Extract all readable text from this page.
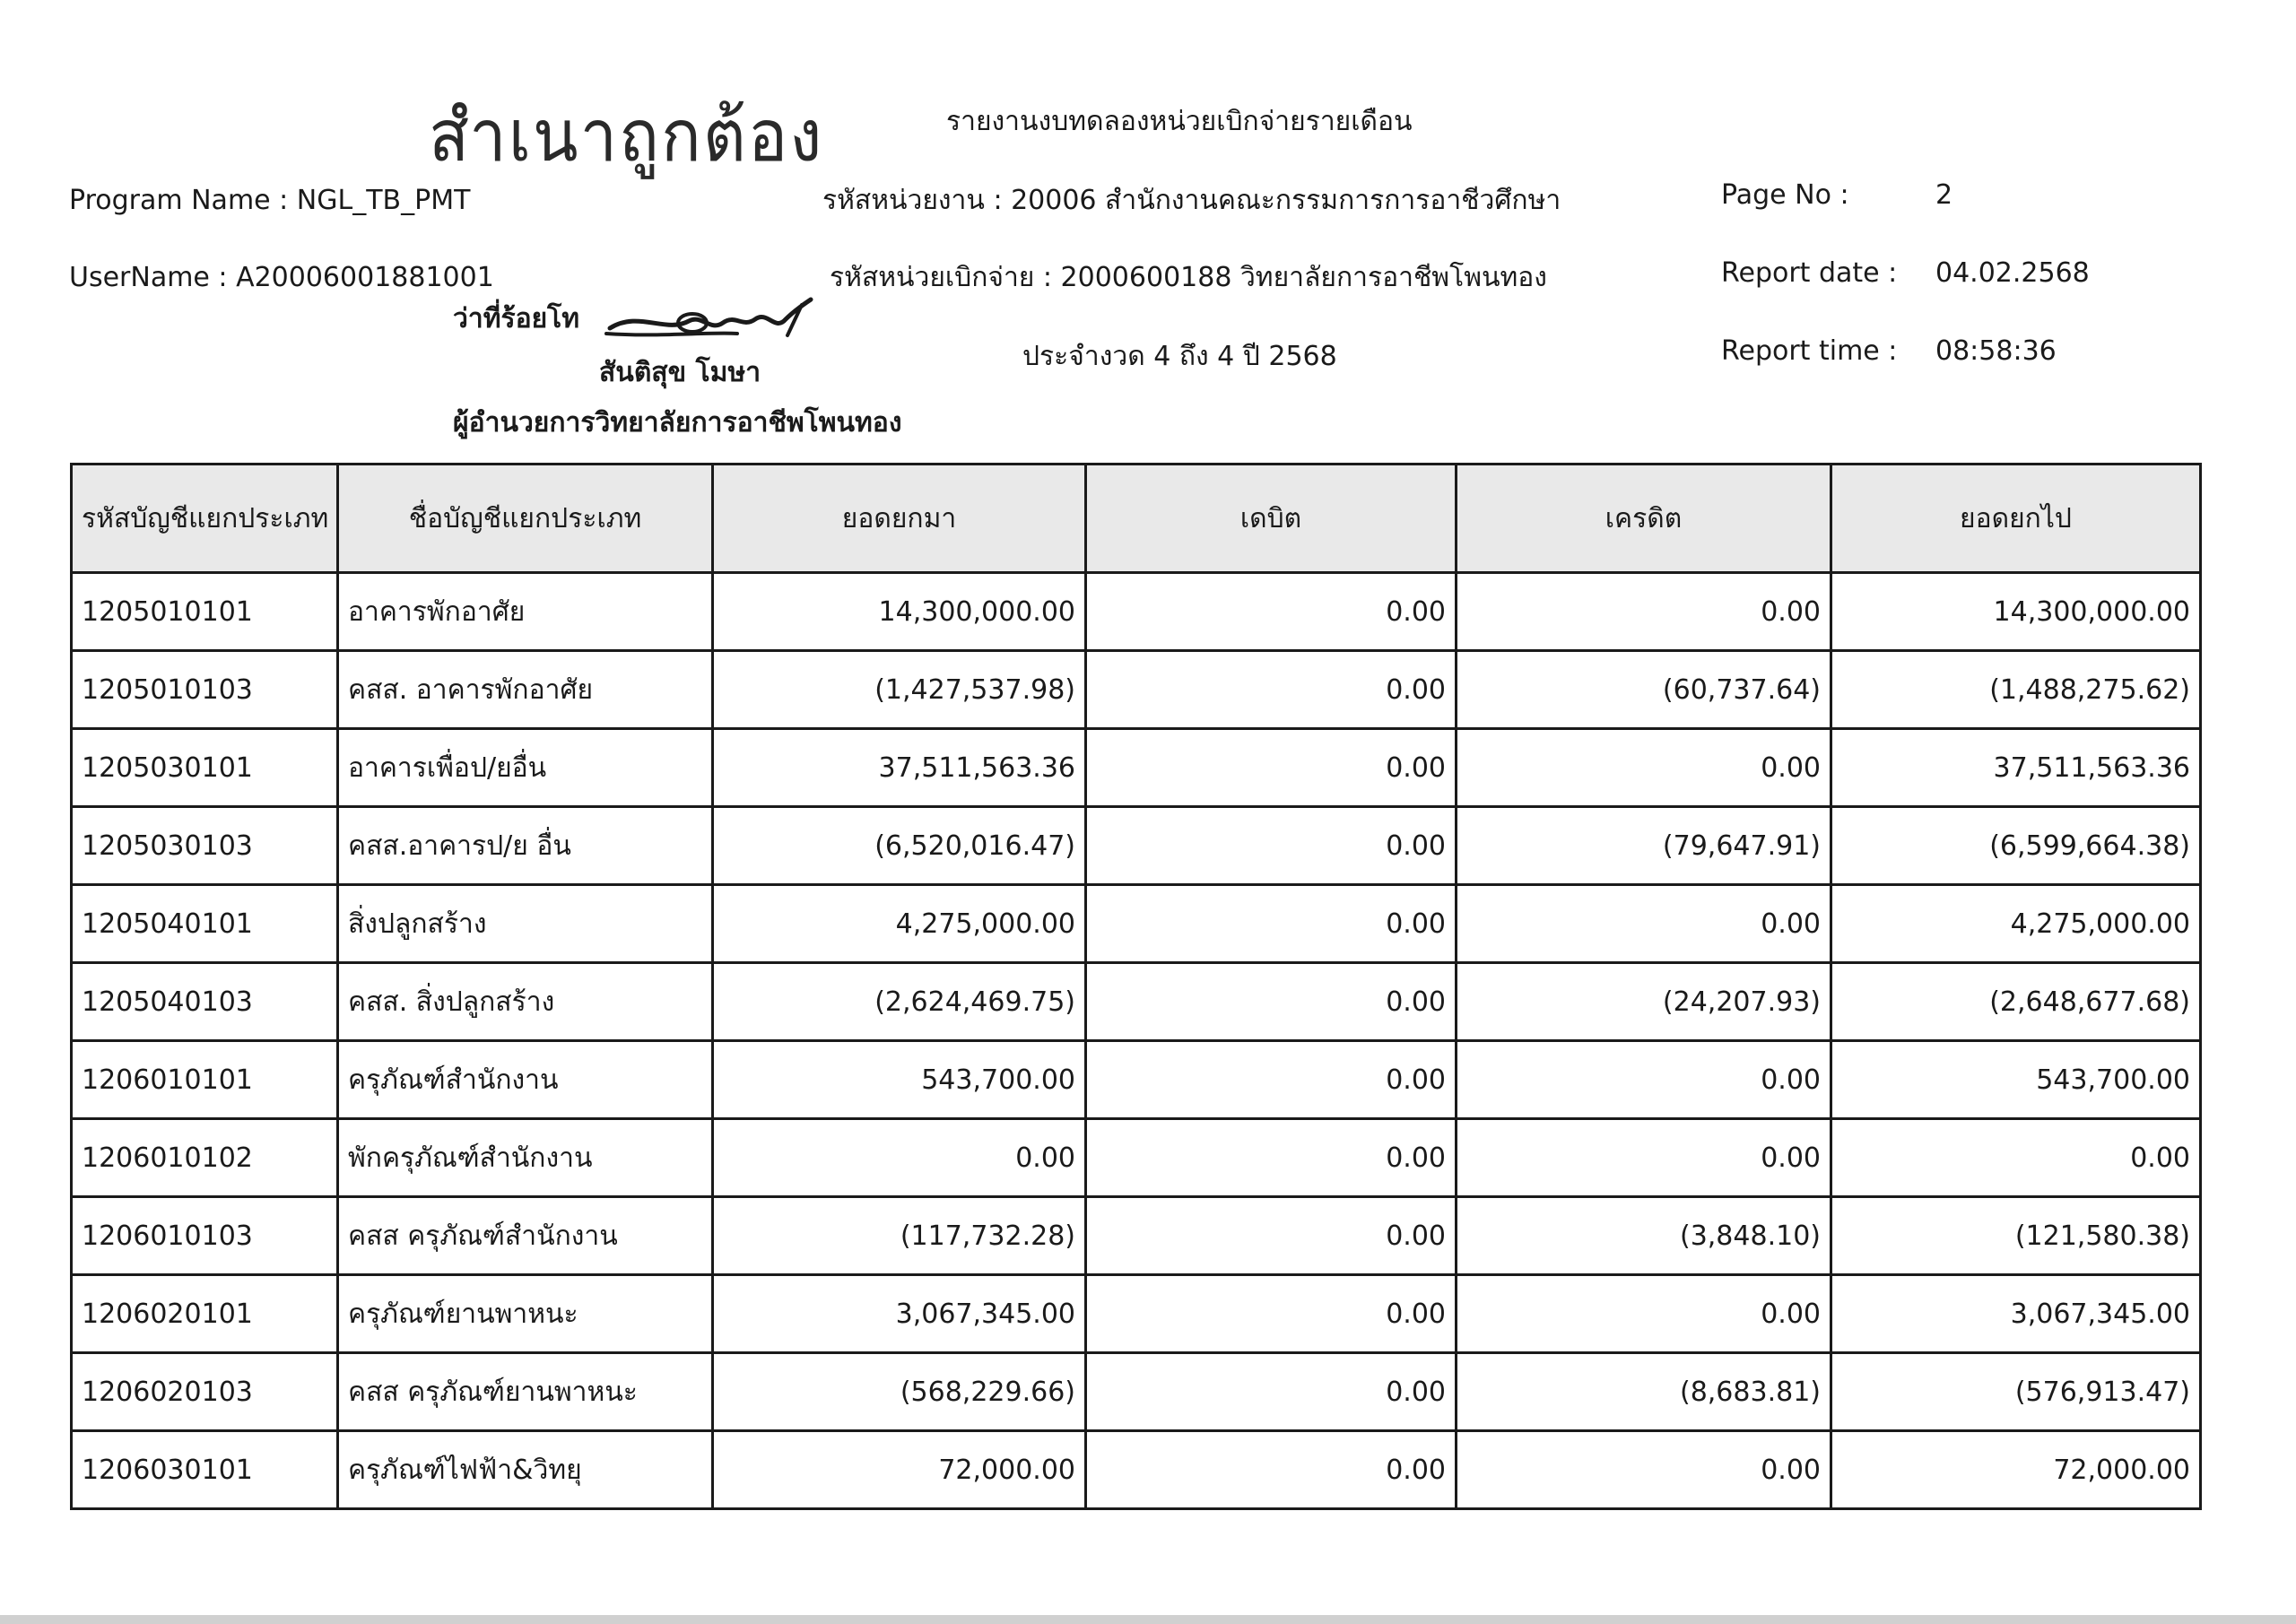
สำเนาถูกต้อง	รายงานงบทดลองหน่วยเบิกจ่ายรายเดือน
Program Name : NGL_TB_PMT
UserName : A20006001881001
รหัสหน่วยงาน : 20006 สำนักงานคณะกรรมการการอาชีวศึกษา
รหัสหน่วยเบิกจ่าย : 2000600188 วิทยาลัยการอาชีพโพนทอง
ประจำงวด 4 ถึง 4 ปี 2568
Page No :	2
Report date : 04.02.2568
Report time : 08:58:36
ว่าที่ร้อยโท
สันติสุข โมษา
ผู้อำนวยการวิทยาลัยการอาชีพโพนทอง
รหัสบัญชีแยกประเภท	ชื่อบัญชีแยกประเภท	ยอดยกมา	เดบิต	เครดิต	ยอดยกไป
1205010101	อาคารพักอาศัย	14,300,000.00	0.00	0.00	14,300,000.00
1205010103	คสส. อาคารพักอาศัย	(1,427,537.98)	0.00	(60,737.64)	(1,488,275.62)
1205030101	อาคารเพื่อป/ยอื่น	37,511,563.36	0.00	0.00	37,511,563.36
1205030103	คสส.อาคารป/ย อื่น	(6,520,016.47)	0.00	(79,647.91)	(6,599,664.38)
1205040101	สิ่งปลูกสร้าง	4,275,000.00	0.00	0.00	4,275,000.00
1205040103	คสส. สิ่งปลูกสร้าง	(2,624,469.75)	0.00	(24,207.93)	(2,648,677.68)
1206010101	ครุภัณฑ์สำนักงาน	543,700.00	0.00	0.00	543,700.00
1206010102	พักครุภัณฑ์สำนักงาน	0.00	0.00	0.00	0.00
1206010103	คสส ครุภัณฑ์สำนักงาน	(117,732.28)	0.00	(3,848.10)	(121,580.38)
1206020101	ครุภัณฑ์ยานพาหนะ	3,067,345.00	0.00	0.00	3,067,345.00
1206020103	คสส ครุภัณฑ์ยานพาหนะ	(568,229.66)	0.00	(8,683.81)	(576,913.47)
1206030101	ครุภัณฑ์ไฟฟ้า&วิทยุ	72,000.00	0.00	0.00	72,000.00
